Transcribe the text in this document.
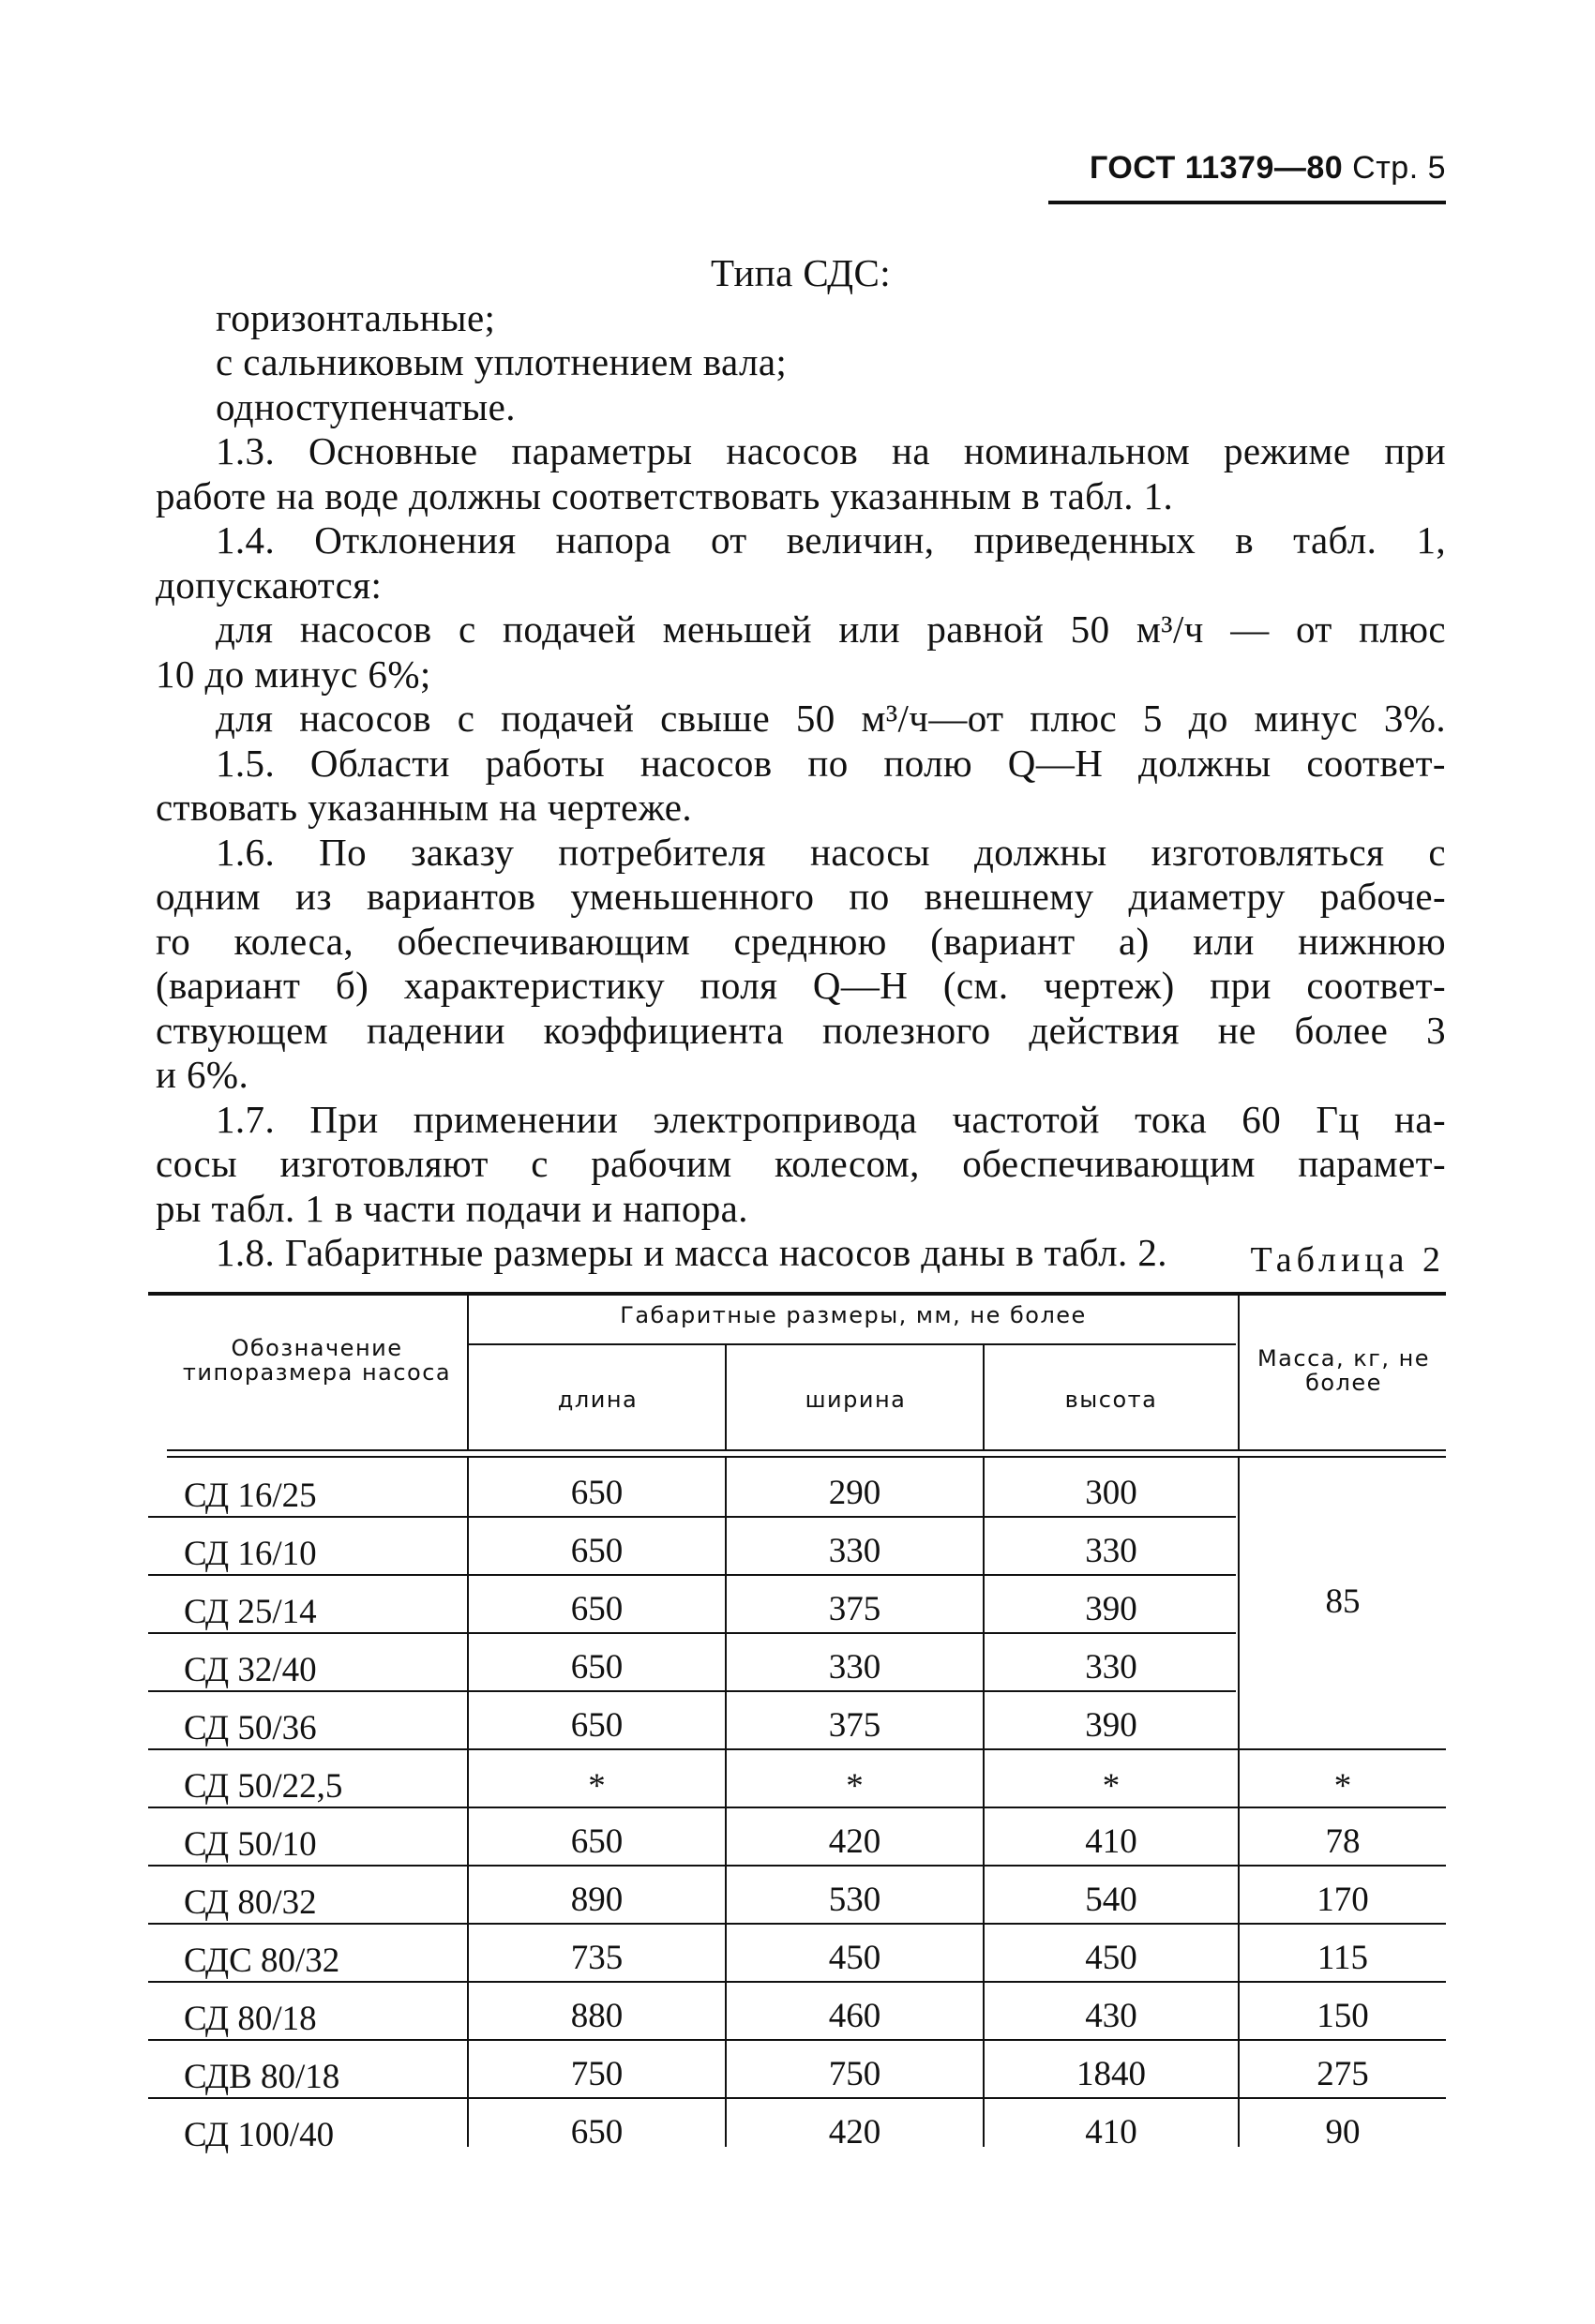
ГОСТ 11379—80 Стр. 5

Типа СДС:

горизонтальные;

с сальниковым уплотнением вала;

одноступенчатые.

1.3. Основные параметры насосов на номинальном режиме при

работе на воде должны соответствовать указанным в табл. 1.

1.4. Отклонения напора от величин, приведенных в табл. 1,

допускаются:

для насосов с подачей меньшей или равной 50 м³/ч — от плюс

10 до минус 6%;

для насосов с подачей свыше 50 м³/ч—от плюс 5 до минус 3%.

1.5. Области работы насосов по полю Q—H должны соответ-

ствовать указанным на чертеже.

1.6. По заказу потребителя насосы должны изготовляться с

одним из вариантов уменьшенного по внешнему диаметру рабоче-

го колеса, обеспечивающим среднюю (вариант а) или нижнюю

(вариант б) характеристику поля Q—H (см. чертеж) при соответ-

ствующем падении коэффициента полезного действия не более 3

и 6%.

1.7. При применении электропривода частотой тока 60 Гц на-

сосы изготовляют с рабочим колесом, обеспечивающим парамет-

ры табл. 1 в части подачи и напора.

1.8. Габаритные размеры и масса насосов даны в табл. 2.	Таблица 2
Обозначение типоразмера насоса
Габаритные размеры, мм, не более
длина	ширина	высота
Масса, кг, не более
СД 16/25	650	290	300
СД 16/10	650	330	330
СД 25/14	650	375	390
СД 32/40	650	330	330
СД 50/36	650	375	390
85
СД 50/22,5	*	*	*	*
СД 50/10	650	420	410	78
СД 80/32	890	530	540	170
СДС 80/32	735	450	450	115
СД 80/18	880	460	430	150
СДВ 80/18	750	750	1840	275
СД 100/40	650	420	410	90
